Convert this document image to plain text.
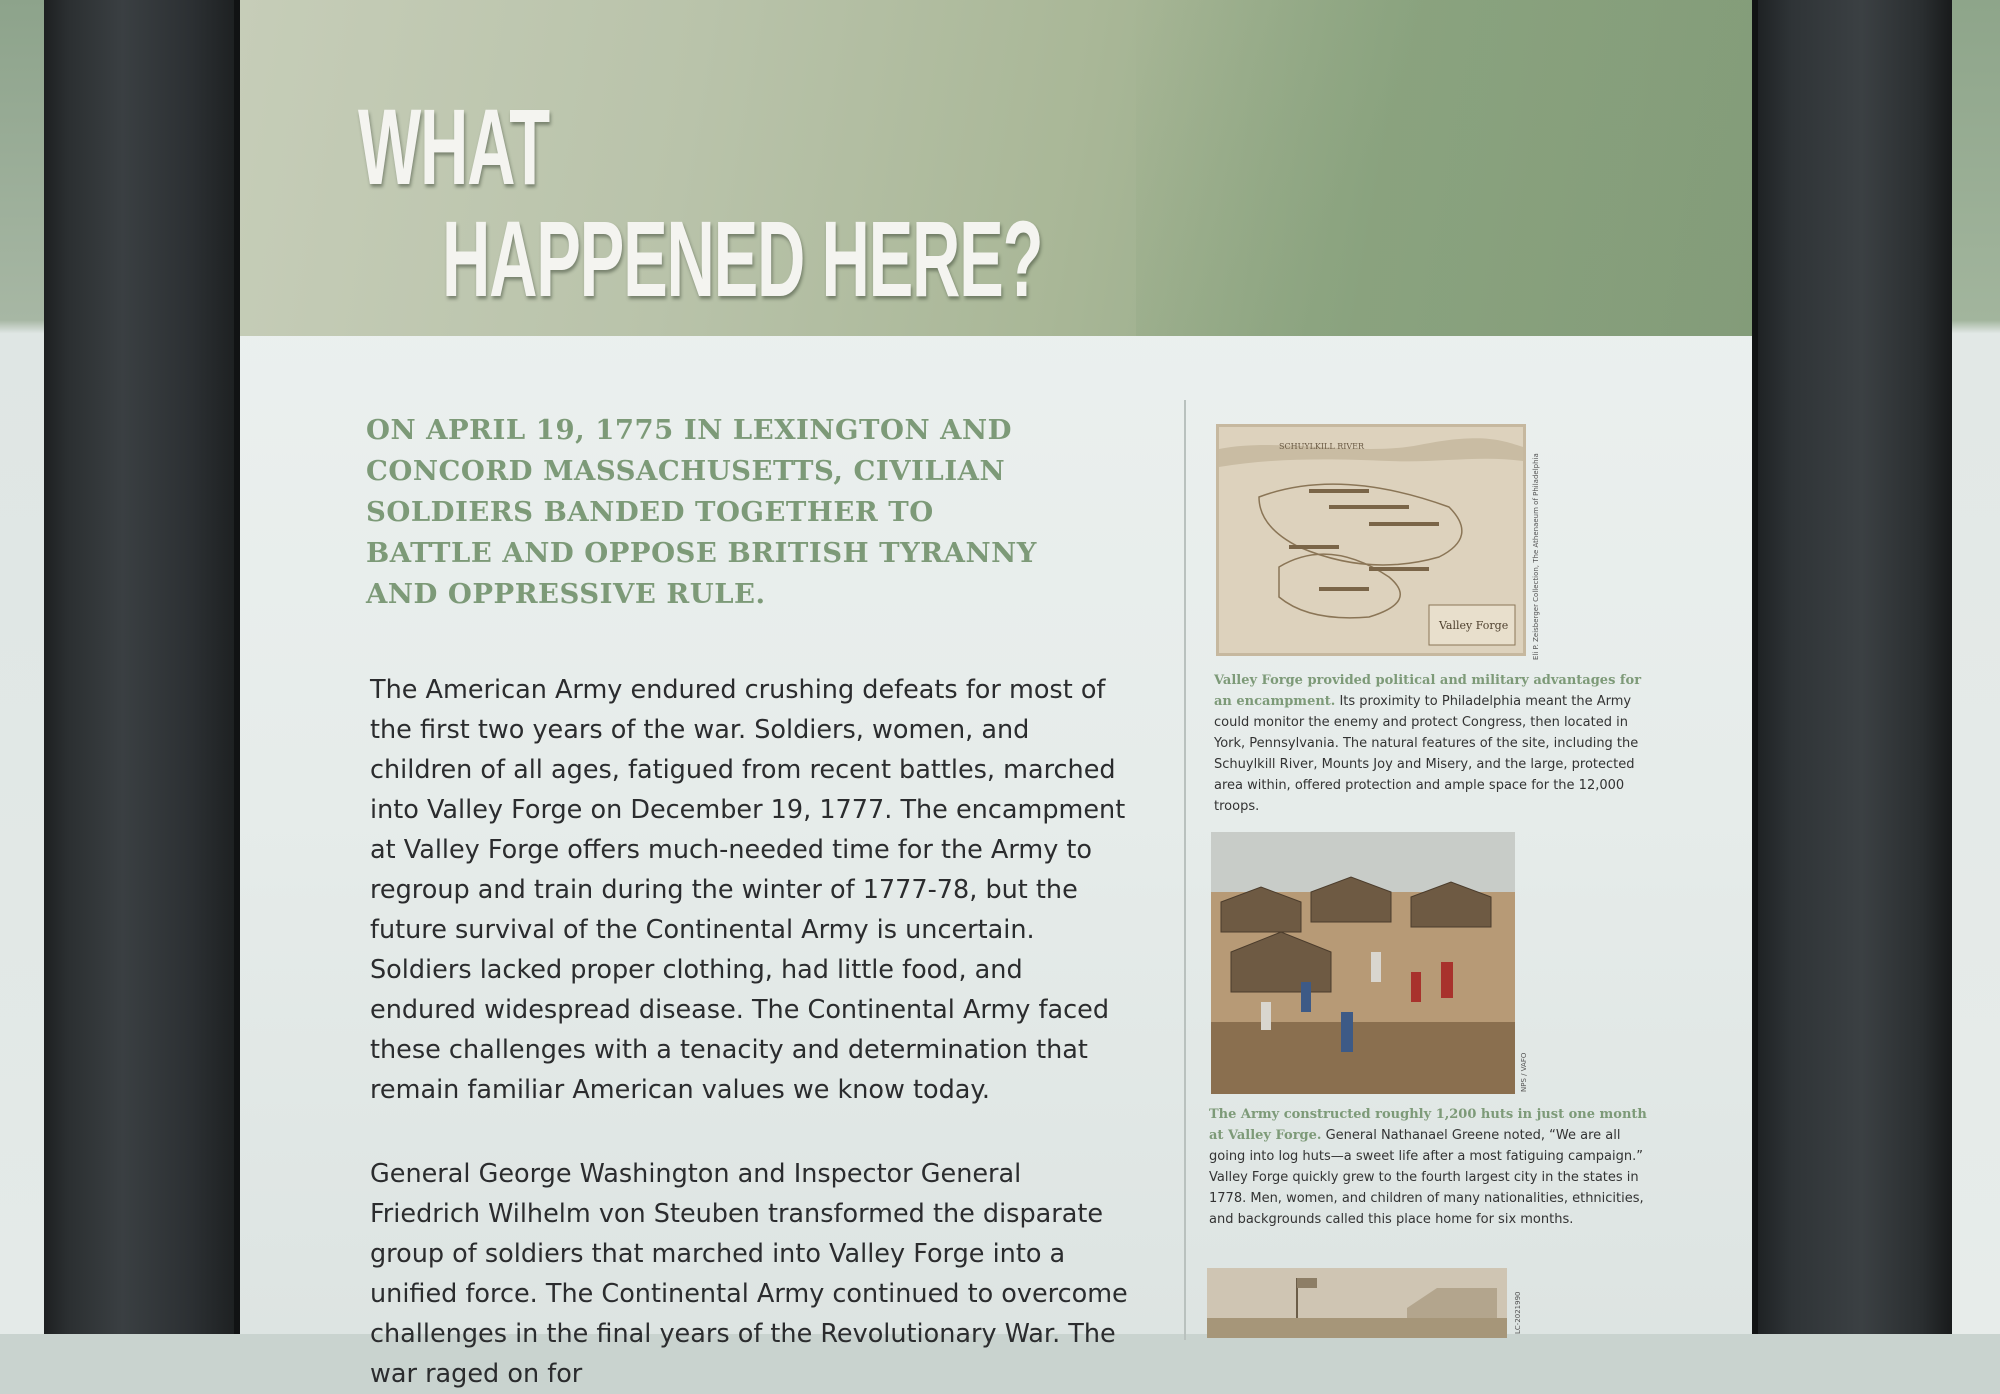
WHAT
HAPPENED HERE?

ON APRIL 19, 1775 IN LEXINGTON AND CONCORD MASSACHUSETTS, CIVILIAN SOLDIERS BANDED TOGETHER TO BATTLE AND OPPOSE BRITISH TYRANNY AND OPPRESSIVE RULE.

The American Army endured crushing defeats for most of the first two years of the war. Soldiers, women, and children of all ages, fatigued from recent battles, marched into Valley Forge on December 19, 1777. The encampment at Valley Forge offers much-needed time for the Army to regroup and train during the winter of 1777-78, but the future survival of the Continental Army is uncertain. Soldiers lacked proper clothing, had little food, and endured widespread disease. The Continental Army faced these challenges with a tenacity and determination that remain familiar American values we know today.

General George Washington and Inspector General Friedrich Wilhelm von Steuben transformed the disparate group of soldiers that marched into Valley Forge into a unified force. The Continental Army continued to overcome challenges in the final years of the Revolutionary War. The war raged on for

SCHUYLKILL RIVER
Valley Forge	Eli P. Zeisberger Collection, The Athenaeum of Philadelphia

Valley Forge provided political and military advantages for an encampment. Its proximity to Philadelphia meant the Army could monitor the enemy and protect Congress, then located in York, Pennsylvania. The natural features of the site, including the Schuylkill River, Mounts Joy and Misery, and the large, protected area within, offered protection and ample space for the 12,000 troops.

NPS / VAFO

The Army constructed roughly 1,200 huts in just one month at Valley Forge. General Nathanael Greene noted, “We are all going into log huts—a sweet life after a most fatiguing campaign.” Valley Forge quickly grew to the fourth largest city in the states in 1778. Men, women, and children of many nationalities, ethnicities, and backgrounds called this place home for six months.

LC-2021990
